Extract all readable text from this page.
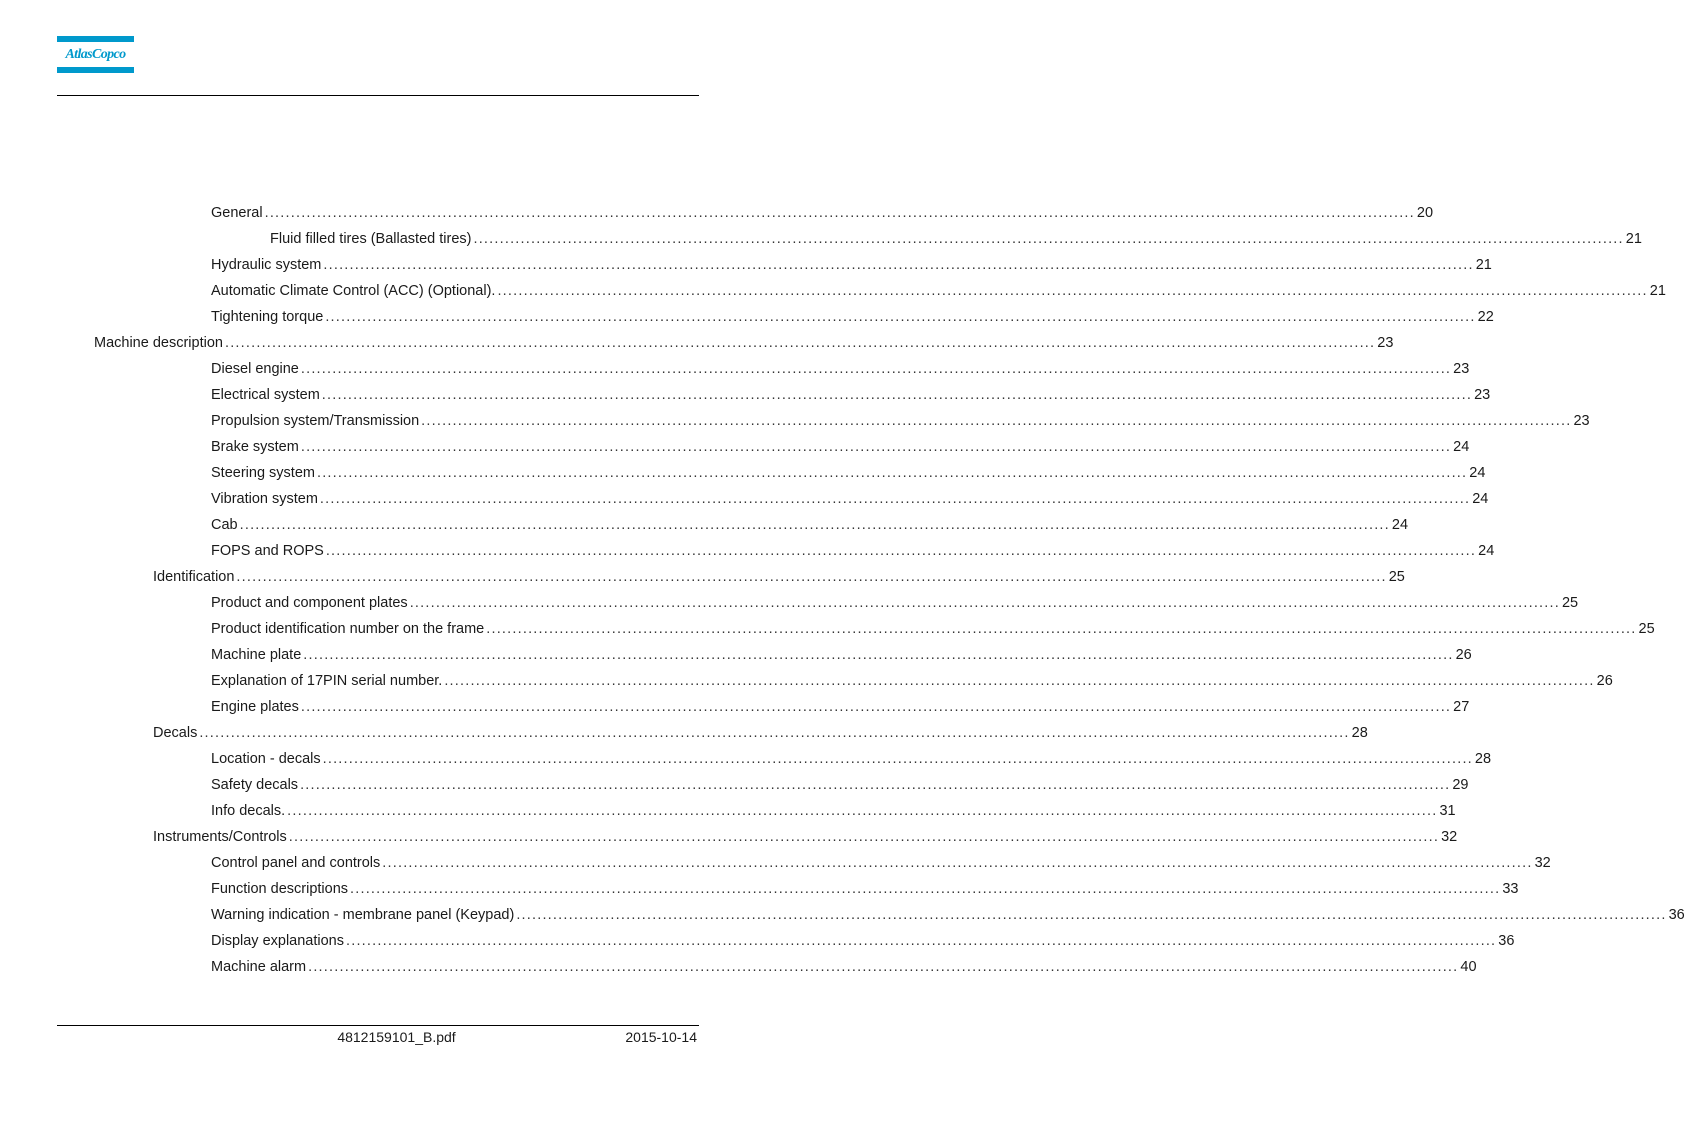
AtlasCopco
General ............................................................................................................................................................................................................................ 20
Fluid filled tires (Ballasted tires) ............................................................................................................................................................................................................................ 21
Hydraulic system ............................................................................................................................................................................................................................ 21
Automatic Climate Control (ACC) (Optional). ............................................................................................................................................................................................................................ 21
Tightening torque ............................................................................................................................................................................................................................ 22
Machine description ............................................................................................................................................................................................................................ 23
Diesel engine ............................................................................................................................................................................................................................ 23
Electrical system ............................................................................................................................................................................................................................ 23
Propulsion system/Transmission ............................................................................................................................................................................................................................ 23
Brake system ............................................................................................................................................................................................................................ 24
Steering system ............................................................................................................................................................................................................................ 24
Vibration system ............................................................................................................................................................................................................................ 24
Cab ............................................................................................................................................................................................................................ 24
FOPS and ROPS ............................................................................................................................................................................................................................ 24
Identification ............................................................................................................................................................................................................................ 25
Product and component plates ............................................................................................................................................................................................................................ 25
Product identification number on the frame ............................................................................................................................................................................................................................ 25
Machine plate ............................................................................................................................................................................................................................ 26
Explanation of 17PIN serial number. ............................................................................................................................................................................................................................ 26
Engine plates ............................................................................................................................................................................................................................ 27
Decals ............................................................................................................................................................................................................................ 28
Location - decals ............................................................................................................................................................................................................................ 28
Safety decals ............................................................................................................................................................................................................................ 29
Info decals. ............................................................................................................................................................................................................................ 31
Instruments/Controls ............................................................................................................................................................................................................................ 32
Control panel and controls ............................................................................................................................................................................................................................ 32
Function descriptions ............................................................................................................................................................................................................................ 33
Warning indication - membrane panel (Keypad) ............................................................................................................................................................................................................................ 36
Display explanations ............................................................................................................................................................................................................................ 36
Machine alarm ............................................................................................................................................................................................................................ 40
4812159101_B.pdf	2015-10-14
